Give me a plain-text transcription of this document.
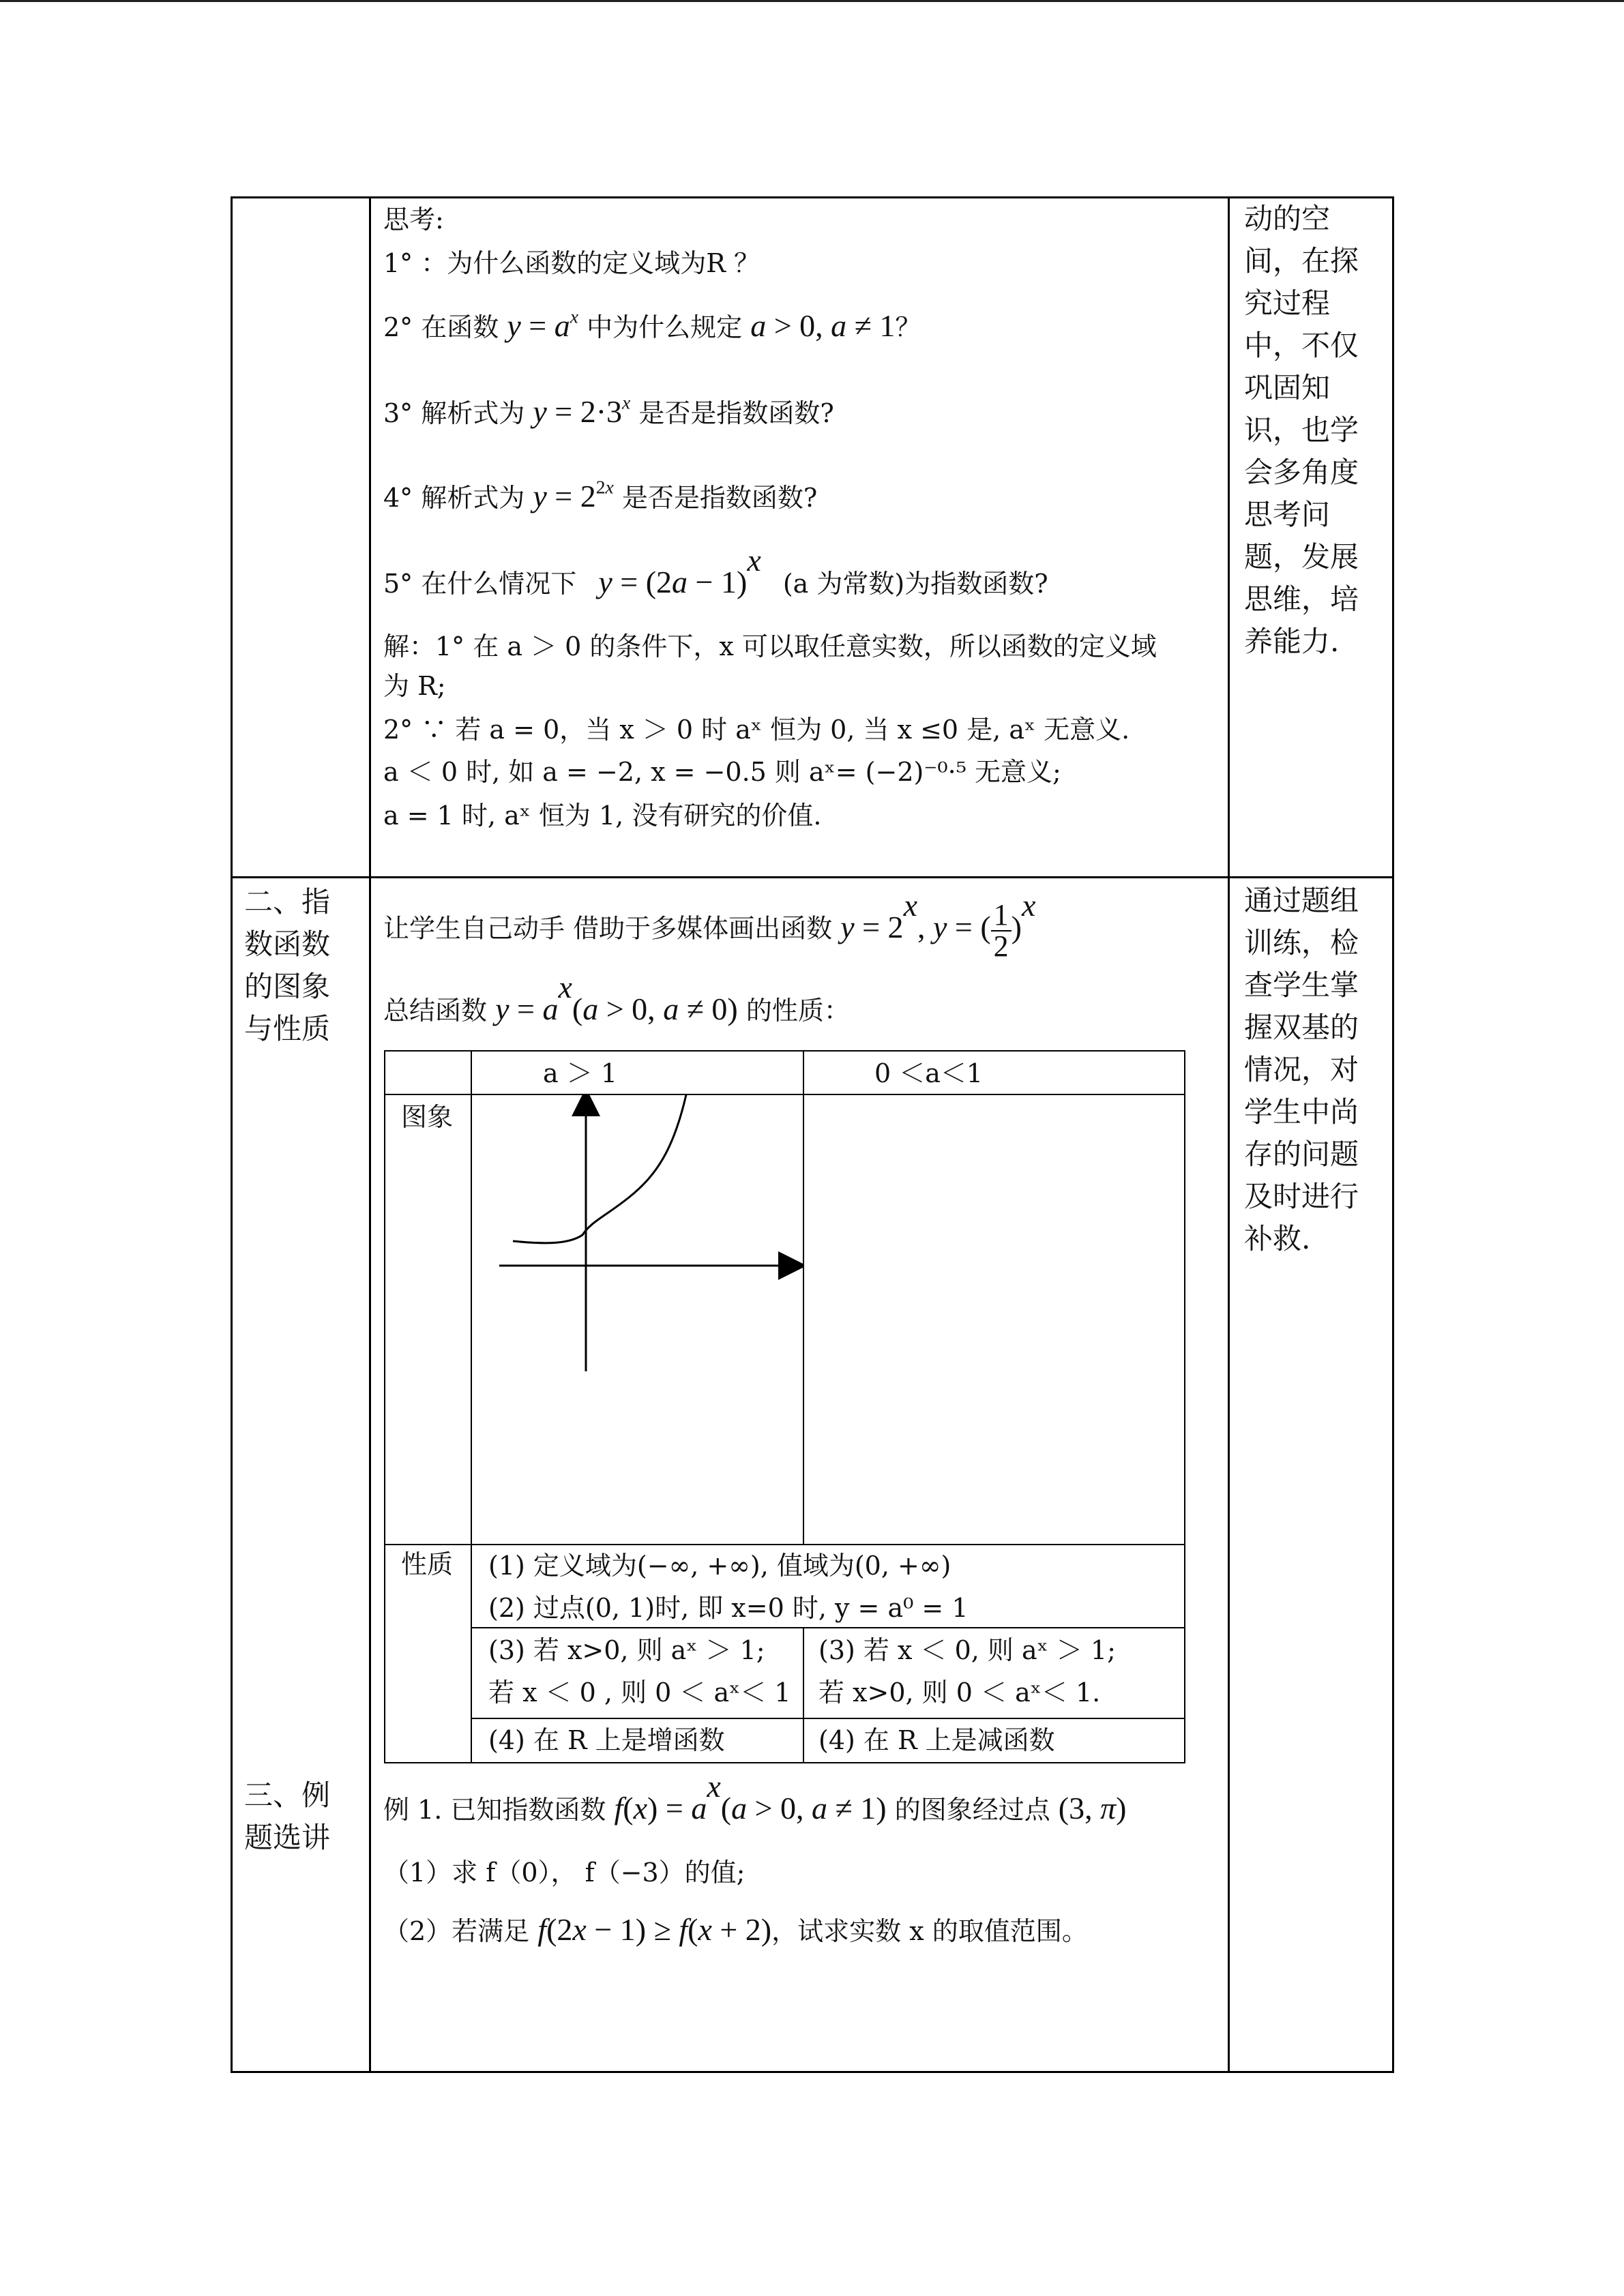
二、指
数函数
的图象
与性质
三、例
题选讲
动的空
间，在探
究过程
中，不仅
巩固知
识，也学
会多角度
思考问
题，发展
思维，培
养能力.
通过题组
训练，检
查学生掌
握双基的
情况，对
学生中尚
存的问题
及时进行
补救.
思考:
1° ：为什么函数的定义域为R ？
2° 在函数 $y = a^x$ 中为什么规定 a > 0, a ≠ 1？
3° 解析式为 $y = 2\cdot 3^x$ 是否是指数函数?
4° 解析式为 $y = 2^{2x}$ 是否是指数函数?
5° 在什么情况下 $y = (2a - 1)^x$ (a 为常数)为指数函数?
解：1° 在 a ＞ 0 的条件下，x 可以取任意实数，所以函数的定义域
为 R;
2° ∵ 若 a = 0，当 x ＞ 0 时 aˣ 恒为 0, 当 x ≤0 是, aˣ 无意义.
a ＜ 0 时, 如 a = −2, x = −0.5 则 aˣ= (−2)⁻⁰·⁵ 无意义;
a = 1 时, aˣ 恒为 1, 没有研究的价值.
让学生自己动手 借助于多媒体画出函数 $y = 2^x$, y = ( $\frac{1}{2} )^x$
总结函数 $y = a^x(a > 0$, a ≠ 0) 的性质：
a ＞ 1	0 ＜a＜1
图象
性质 (1) 定义域为(−∞, +∞), 值域为(0, +∞)
(2) 过点(0, 1)时, 即 x=0 时, y = a⁰ = 1
(3) 若 x>0, 则 aˣ ＞ 1;
若 x ＜ 0 , 则 0 ＜ aˣ＜ 1
(3) 若 x ＜ 0, 则 aˣ ＞ 1;
若 x>0, 则 0 ＜ aˣ＜ 1.
(4) 在 R 上是增函数	(4) 在 R 上是减函数
例 1. 已知指数函数 $f(x) = a^x(a > 0$, a ≠ 1) 的图象经过点 (3, π)
（1）求 f（0）， f（−3）的值;
（2）若满足 f(2x − 1) ≥ f(x + 2)，试求实数 x 的取值范围。
